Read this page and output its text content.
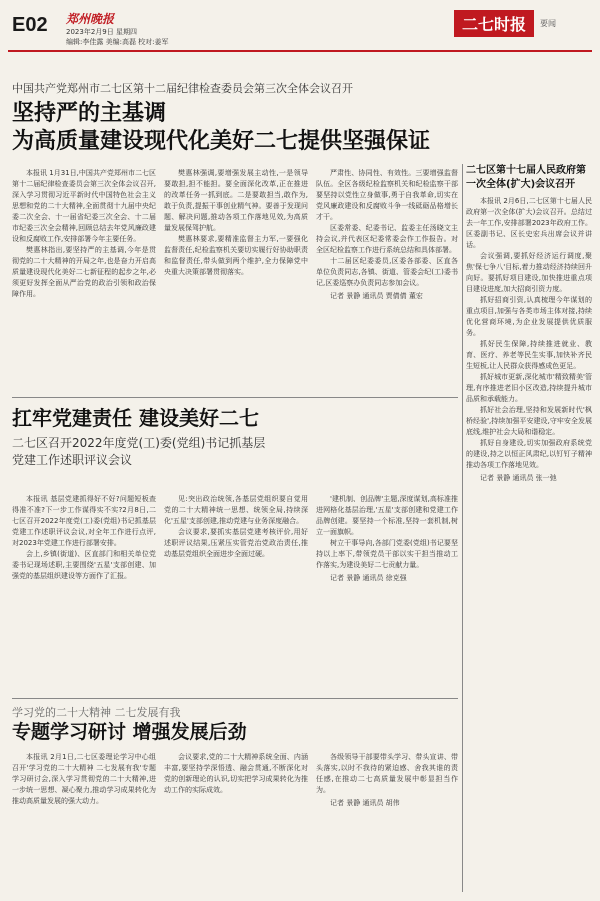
E02 郑州晚报
2023年2月9日 星期四
编辑:李佳露 美编:高磊 校对:姜军
二七时报	要闻
中国共产党郑州市二七区第十二届纪律检查委员会第三次全体会议召开
坚持严的主基调
为高质量建设现代化美好二七提供坚强保证

本报讯 1月31日,中国共产党郑州市二七区第十二届纪律检查委员会第三次全体会议召开,深入学习贯彻习近平新时代中国特色社会主义思想和党的二十大精神,全面贯彻十九届中央纪委二次全会、十一届省纪委三次全会、十二届市纪委三次全会精神,回顾总结去年党风廉政建设和反腐败工作,安排部署今年主要任务。

樊惠林指出,要坚持严的主基调,今年是贯彻党的二十大精神的开局之年,也是奋力开启高质量建设现代化美好二七新征程的起步之年,必须更好发挥全面从严治党的政治引领和政治保障作用。

樊惠林强调,要增强发展主动性,一是领导要敢担,担不能担。要全面深化改革,正在推进的改革任务一抓到底。二是要敢担当,敢作为,敢于负责,提振干事创业精气神。要善于发现问题、解决问题,推动各项工作落地见效,为高质量发展保驾护航。

樊惠林要求,要精准监督主力军,一要强化监督责任,纪检监察机关要切实履行好协助职责和监督责任,带头做到两个维护,全力保障党中央重大决策部署贯彻落实。

严肃性、协同性、有效性。三要增强监督队伍。全区各级纪检监察机关和纪检监察干部要坚持以党性立身做事,勇于自我革命,切实在党风廉政建设和反腐败斗争一线砥砺品格增长才干。

区委常委、纪委书记、监委主任汤晓文主持会议,并代表区纪委常委会作工作报告。对全区纪检监察工作进行系统总结和具体部署。

十二届区纪委委员,区委各部委、区直各单位负责同志,各镇、街道、管委会纪(工)委书记,区委巡察办负责同志参加会议。

记者 景静 通讯员 贾倩倩 董宏
扛牢党建责任 建设美好二七
二七区召开2022年度党(工)委(党组)书记抓基层
党建工作述职评议会议

本报讯 基层党建抓得好不好?问题短板查得准不准?下一步工作谋得实不实?2月8日,二七区召开2022年度党(工)委(党组)书记抓基层党建工作述职评议会议,对全年工作进行点评,对2023年党建工作进行部署安排。

会上,乡镇(街道)、区直部门和相关单位党委书记现场述职,主要围绕'五星'支部创建、加强党的基层组织建设等方面作了汇报。

见:突出政治统领,各基层党组织要自觉用党的二十大精神统一思想、统领全局,持续深化'五星'支部创建,推动党建与业务深度融合。

会议要求,要抓实基层党建考核评价,用好述职评议结果,压紧压实管党治党政治责任,推动基层党组织全面进步全面过硬。

'建机制、创品牌'主题,深度谋划,高标准推进网格化基层治理,'五星'支部创建和党建工作品牌创建。要坚持一个标准,坚持一套机制,树立一面旗帜。

树立干事导向,各部门党委(党组)书记要坚持以上率下,带领党员干部以实干担当推动工作落实,为建设美好二七贡献力量。

记者 景静 通讯员 徐克强
学习党的二十大精神 二七发展有我
专题学习研讨 增强发展后劲

本报讯 2月1日,二七区委理论学习中心组召开'学习党的二十大精神 二七发展有我'专题学习研讨会,深入学习贯彻党的二十大精神,进一步统一思想、凝心聚力,推动学习成果转化为推动高质量发展的强大动力。

会议要求,党的二十大精神系统全面、内涵丰富,要坚持学深悟透、融会贯通,不断深化对党的创新理论的认识,切实把学习成果转化为推动工作的实际成效。

各级领导干部要带头学习、带头宣讲、带头落实,以时不我待的紧迫感、舍我其谁的责任感,在推动二七高质量发展中彰显担当作为。

记者 景静 通讯员 胡伟
二七区第十七届人民政府第一次全体(扩大)会议召开

本报讯 2月6日,二七区第十七届人民政府第一次全体(扩大)会议召开。总结过去一年工作,安排部署2023年政府工作。区委副书记、区长史宏兵出席会议并讲话。

会议强调,要抓好经济运行调度,聚焦'保七争八'目标,着力推动经济持续回升向好。要抓好项目建设,加快推进重点项目建设进度,加大招商引资力度。

抓好招商引资,认真梳理今年谋划的重点项目,加强与各类市场主体对接,持续优化营商环境,为企业发展提供优质服务。

抓好民生保障,持续推进就业、教育、医疗、养老等民生实事,加快补齐民生短板,让人民群众获得感成色更足。

抓好城市更新,深化城市'精致精美'管理,有序推进老旧小区改造,持续提升城市品质和承载能力。

抓好社会治理,坚持和发展新时代'枫桥经验',持续加强平安建设,守牢安全发展底线,维护社会大局和谐稳定。

抓好自身建设,切实加强政府系统党的建设,持之以恒正风肃纪,以钉钉子精神推动各项工作落地见效。

记者 景静 通讯员 张一弛
